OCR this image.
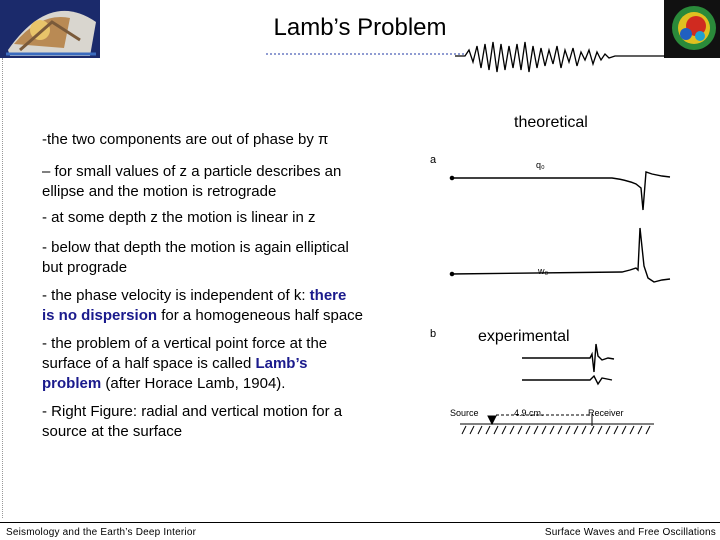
Lamb’s Problem
-the two components are out of phase by π
– for small values of z a particle describes an
ellipse and the motion is retrograde
- at some depth z the motion is linear in z
- below that depth the motion is again elliptical
but prograde
- the phase velocity is independent of k: there
is no dispersion for a homogeneous half space
- the problem of a vertical point force at the
surface of a half space is called Lamb’s
problem (after Horace Lamb, 1904).
- Right Figure: radial and vertical motion for a
source at the surface
theoretical
experimental
a
b
q₀
w₀
Source	4.9 cm.	Receiver
Seismology and the Earth’s Deep Interior	Surface Waves and Free Oscillations
